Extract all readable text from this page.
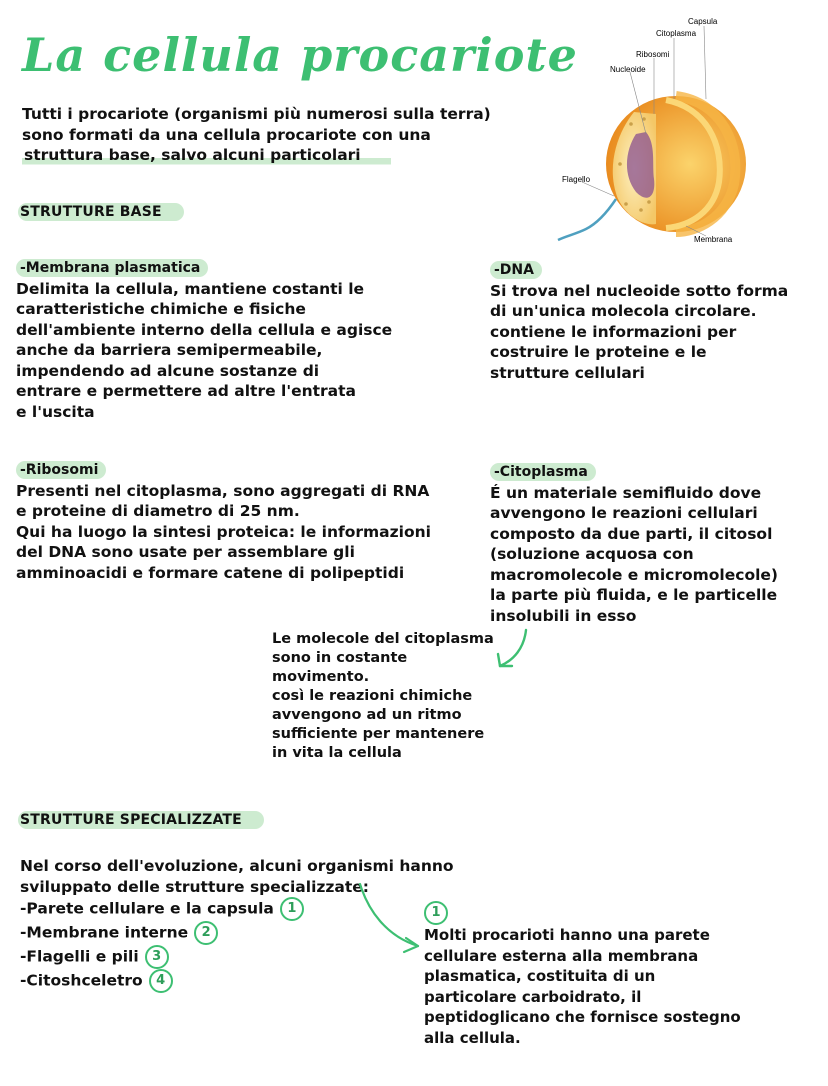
La cellula procariote
Tutti i procariote (organismi più numerosi sulla terra)
sono formati da una cellula procariote con una
struttura base, salvo alcuni particolari
Capsula
Citoplasma
Ribosomi
Nucleoide
Flagello
Membrana
STRUTTURE BASE
-Membrana plasmatica
Delimita la cellula, mantiene costanti le
caratteristiche chimiche e fisiche
dell'ambiente interno della cellula e agisce
anche da barriera semipermeabile,
impendendo ad alcune sostanze di
entrare e permettere ad altre l'entrata
e l'uscita
-DNA
Si trova nel nucleoide sotto forma
di un'unica molecola circolare.
contiene le informazioni per
costruire le proteine e le
strutture cellulari
-Ribosomi
Presenti nel citoplasma, sono aggregati di RNA
e proteine di diametro di 25 nm.
Qui ha luogo la sintesi proteica: le informazioni
del DNA sono usate per assemblare gli
amminoacidi e formare catene di polipeptidi
-Citoplasma
É un materiale semifluido dove
avvengono le reazioni cellulari
composto da due parti, il citosol
(soluzione acquosa con
macromolecole e micromolecole)
la parte più fluida, e le particelle
insolubili in esso
Le molecole del citoplasma
sono in costante
movimento.
così le reazioni chimiche
avvengono ad un ritmo
sufficiente per mantenere
in vita la cellula
STRUTTURE SPECIALIZZATE
Nel corso dell'evoluzione, alcuni organismi hanno
sviluppato delle strutture specializzate:
-Parete cellulare e la capsula 1
-Membrane interne 2
-Flagelli e pili 3
-Citoshceletro 4
1
Molti procarioti hanno una parete
cellulare esterna alla membrana
plasmatica, costituita di un
particolare carboidrato, il
peptidoglicano che fornisce sostegno
alla cellula.
